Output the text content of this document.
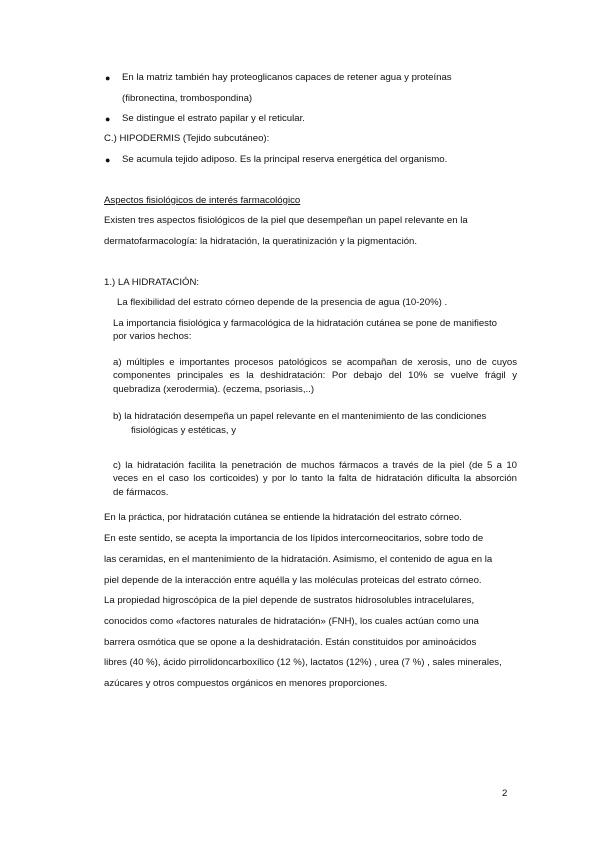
● En la matriz también hay proteoglicanos capaces de retener agua y proteínas
(fibronectina, trombospondina)
● Se distingue el estrato papilar y el reticular.
C.) HIPODERMIS (Tejido subcutáneo):
● Se acumula tejido adiposo. Es la principal reserva energética del organismo.
Aspectos fisiológicos de interés farmacológico
Existen tres aspectos fisiológicos de la piel que desempeñan un papel relevante en la
dermatofarmacología: la hidratación, la queratinización y la pigmentación.
1.) LA HIDRATACIÓN:
La flexibilidad del estrato córneo depende de la presencia de agua (10-20%) .
La importancia fisiológica y farmacológica de la hidratación cutánea se pone de manifiesto
por varios hechos:
a) múltiples e importantes procesos patológicos se acompañan de xerosis, uno de cuyos
componentes principales es la deshidratación: Por debajo del 10% se vuelve frágil y
quebradiza (xerodermia). (eczema, psoriasis,..)
b) la hidratación desempeña un papel relevante en el mantenimiento de las condiciones
fisiológicas y estéticas, y
c) la hidratación facilita la penetración de muchos fármacos a través de la piel (de 5 a 10
veces en el caso los corticoides) y por lo tanto la falta de hidratación dificulta la absorción
de fármacos.
En la práctica, por hidratación cutánea se entiende la hidratación del estrato córneo.
En este sentido, se acepta la importancia de los lípidos intercorneocitarios, sobre todo de
las ceramidas, en el mantenimiento de la hidratación. Asimismo, el contenido de agua en la
piel depende de la interacción entre aquélla y las moléculas proteicas del estrato córneo.
La propiedad higroscópica de la piel depende de sustratos hidrosolubles intracelulares,
conocidos como «factores naturales de hidratación» (FNH), los cuales actúan como una
barrera osmótica que se opone a la deshidratación. Están constituidos por aminoácidos
libres (40 %), ácido pirrolidoncarboxílico (12 %), lactatos (12%) , urea (7 %) , sales minerales,
azúcares y otros compuestos orgánicos en menores proporciones.
2
